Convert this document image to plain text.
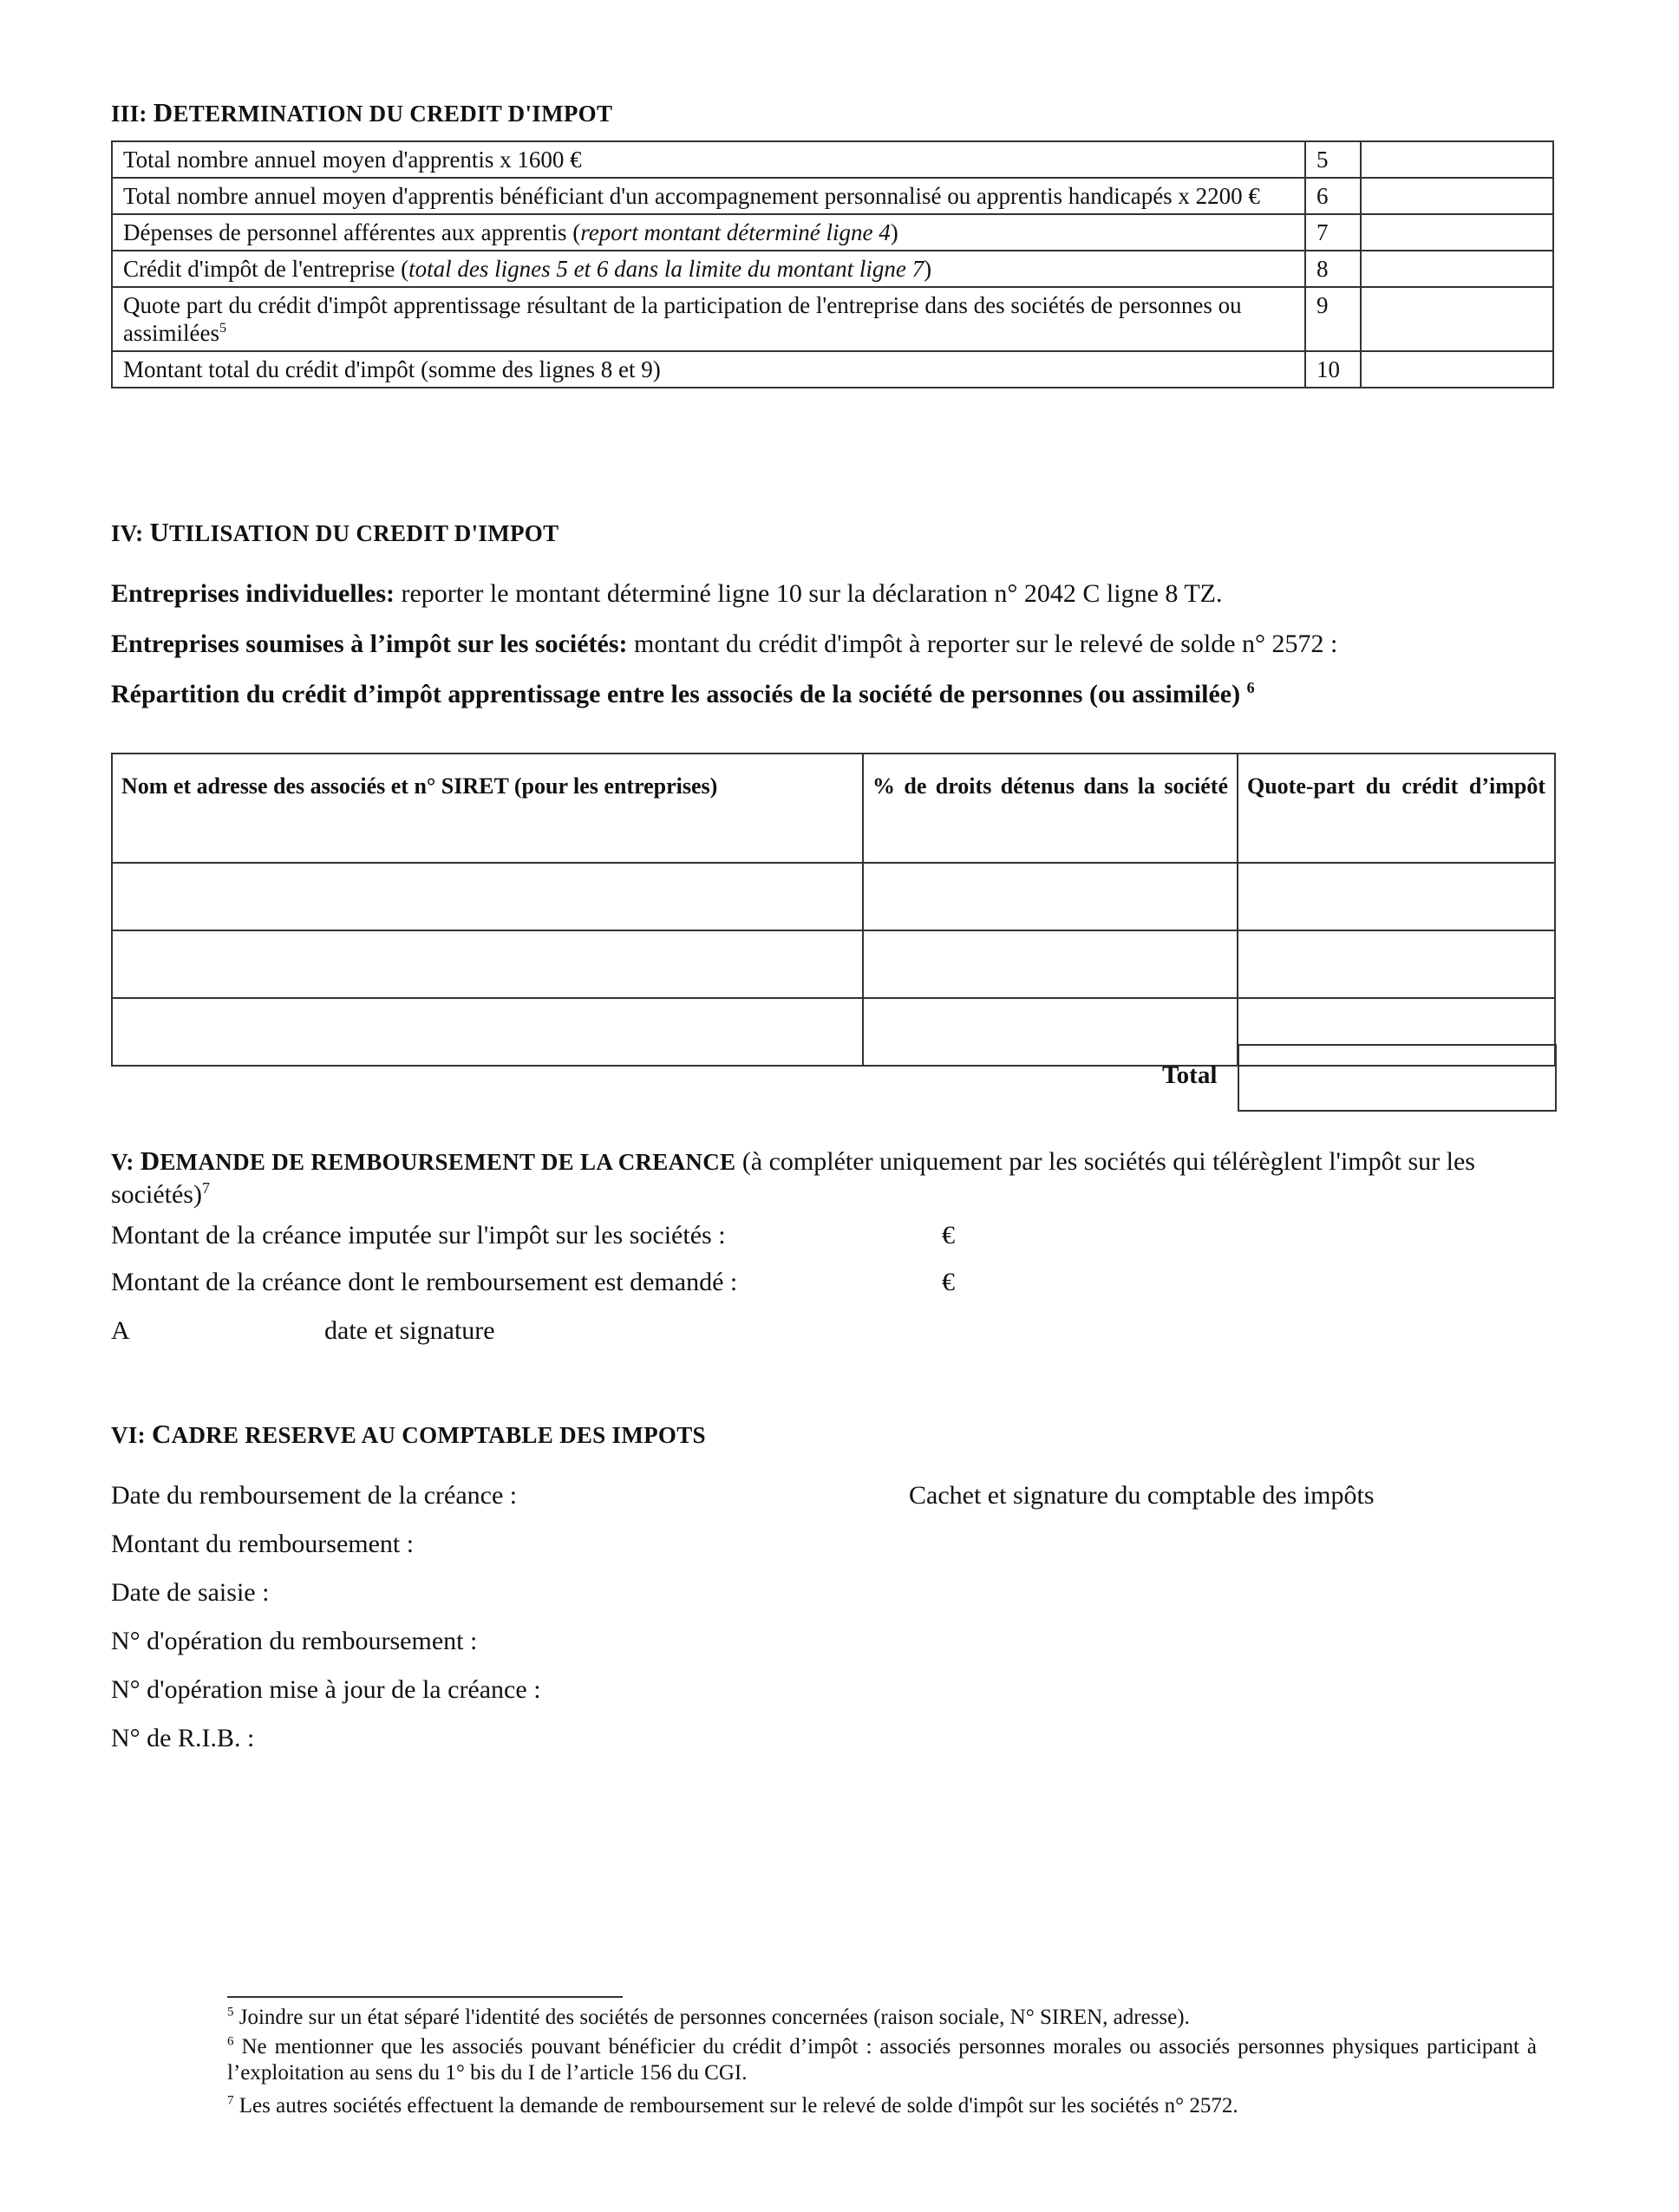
III: DETERMINATION DU CREDIT D'IMPOT
Total nombre annuel moyen d'apprentis x 1600 €	5	
Total nombre annuel moyen d'apprentis bénéficiant d'un accompagnement personnalisé ou apprentis handicapés x 2200 €	6	
Dépenses de personnel afférentes aux apprentis (report montant déterminé ligne 4)	7	
Crédit d'impôt de l'entreprise (total des lignes 5 et 6 dans la limite du montant ligne 7)	8	
Quote part du crédit d'impôt apprentissage résultant de la participation de l'entreprise dans des sociétés de personnes ou assimilées$^5$	9	
Montant total du crédit d'impôt (somme des lignes 8 et 9)	10	
IV: UTILISATION DU CREDIT D'IMPOT
Entreprises individuelles: reporter le montant déterminé ligne 10 sur la déclaration n° 2042 C ligne 8 TZ.
Entreprises soumises à l’impôt sur les sociétés: montant du crédit d'impôt à reporter sur le relevé de solde n° 2572 :
Répartition du crédit d’impôt apprentissage entre les associés de la société de personnes (ou assimilée) $^6$
Nom et adresse des associés et n° SIRET (pour les entreprises)	% de droits détenus dans la société	Quote-part du crédit d’impôt

Total
V: DEMANDE DE REMBOURSEMENT DE LA CREANCE (à compléter uniquement par les sociétés qui télérèglent l'impôt sur les sociétés)$^7$
Montant de la créance imputée sur l'impôt sur les sociétés :	€
Montant de la créance dont le remboursement est demandé :	€
A	date et signature
VI: CADRE RESERVE AU COMPTABLE DES IMPOTS
Date du remboursement de la créance :	Cachet et signature du comptable des impôts
Montant du remboursement :
Date de saisie :
N° d'opération du remboursement :
N° d'opération mise à jour de la créance :
N° de R.I.B. :
$^5$ Joindre sur un état séparé l'identité des sociétés de personnes concernées (raison sociale, N° SIREN, adresse).
$^6$ Ne mentionner que les associés pouvant bénéficier du crédit d’impôt : associés personnes morales ou associés personnes physiques participant à l’exploitation au sens du 1° bis du I de l’article 156 du CGI.
$^7$ Les autres sociétés effectuent la demande de remboursement sur le relevé de solde d'impôt sur les sociétés n° 2572.
